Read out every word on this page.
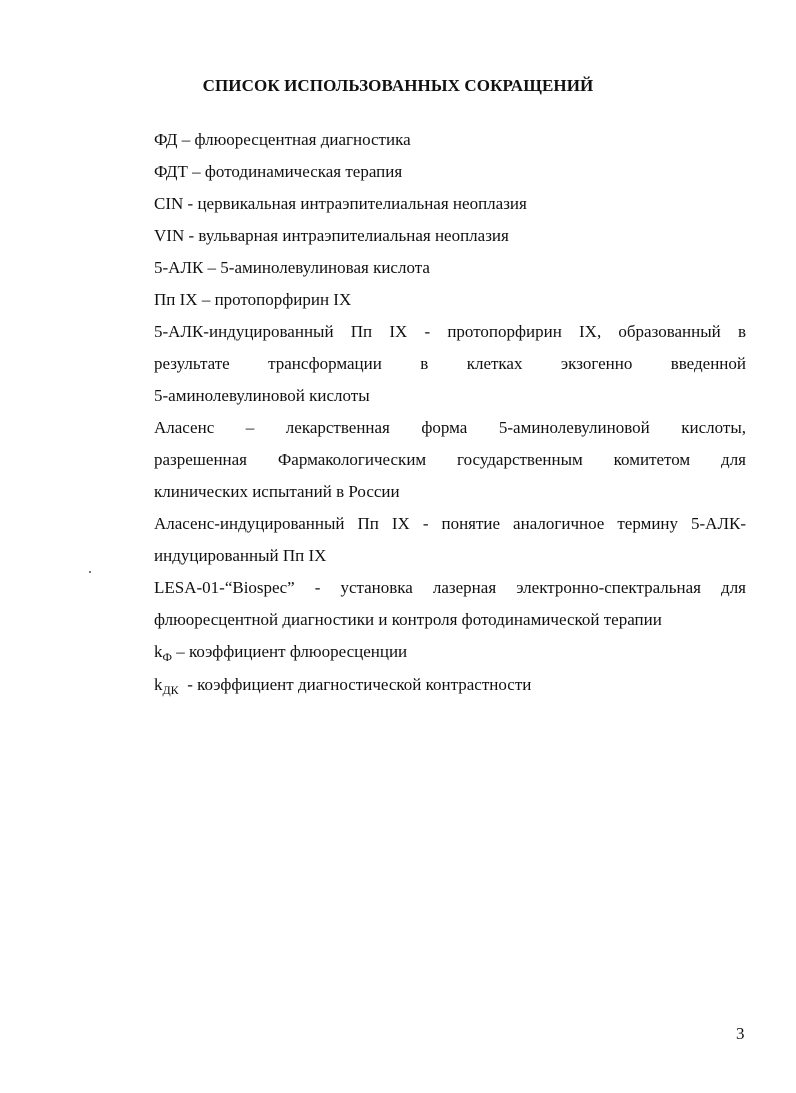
СПИСОК ИСПОЛЬЗОВАННЫХ СОКРАЩЕНИЙ

ФД – флюоресцентная диагностика

ФДТ – фотодинамическая терапия

CIN - цервикальная интраэпителиальная неоплазия

VIN - вульварная интраэпителиальная неоплазия

5-АЛК – 5-аминолевулиновая кислота

Пп IX – протопорфирин IX

5-АЛК-индуцированный Пп IX - протопорфирин IX, образованный в

результате трансформации в клетках экзогенно введенной

5-аминолевулиновой кислоты

Аласенс – лекарственная форма 5-аминолевулиновой кислоты,

разрешенная Фармакологическим государственным комитетом для

клинических испытаний в России

Аласенс-индуцированный Пп IX - понятие аналогичное термину 5-АЛК-

индуцированный Пп IX

LESA-01-“Biospec” - установка лазерная электронно-спектральная для

флюоресцентной диагностики и контроля фотодинамической терапии

$k_Ф$ – коэффициент флюоресценции

$k_{ДК}$  - коэффициент диагностической контрастности

3
